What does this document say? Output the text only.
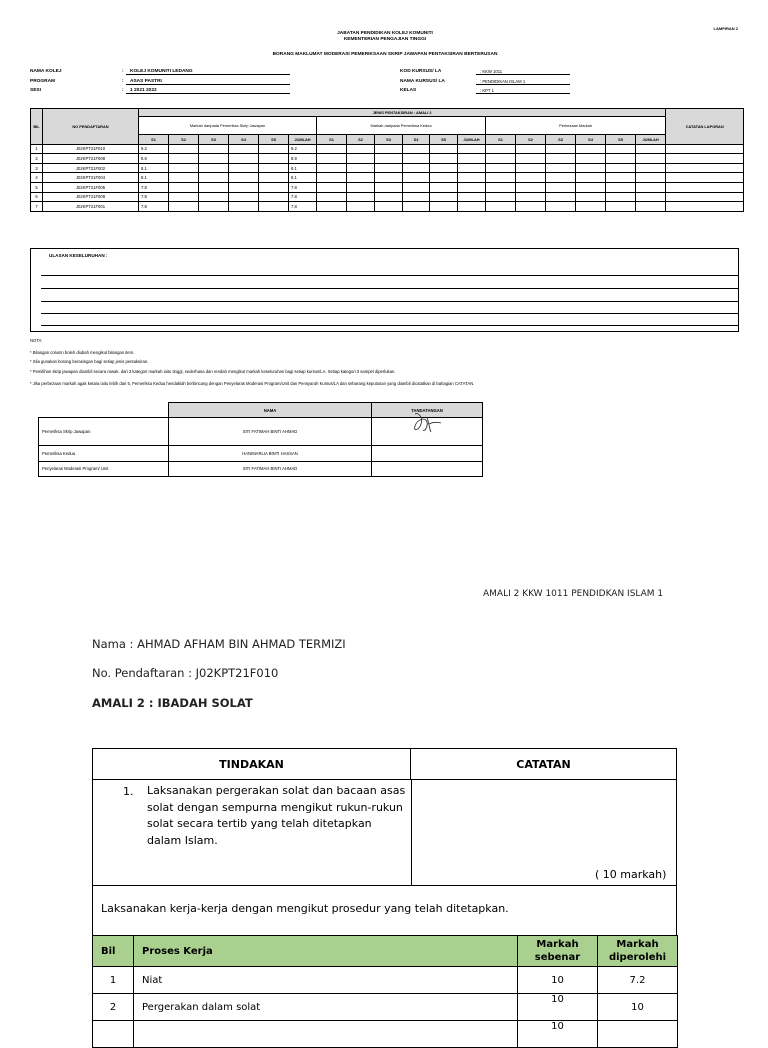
LAMPIRAN 2
JABATAN PENDIDIKAN KOLEJ KOMUNITI
KEMENTERIAN PENGAJIAN TINGGI
BORANG MAKLUMAT MODERASI PEMERIKSAAN SKRIP JAWAPAN PENTAKSIRAN BERTERUSAN
NAMA KOLEJ	:	KOLEJ KOMUNITI LEDANG
PROGRAM	:	ASAS PASTRI
SESI	:	1 2021 2022
KOD KURSUS/ LA	: KKW 1011
NAMA KURSUS/ LA	: PENDIDIKAN ISLAM 1
KELAS	: KPT 1
BIL	NO PENDAFTARAN	JENIS PENTAKSIRAN : AMALI 2																		CATATAN LAPORAN
		Markah daripada Pemeriksa Skrip Jawapan						Markah daripada Pemeriksa Kedua						Perbezaan Markah						
		S1	S2	S3	S4	S5	JUMLAH	S1	S2	S3	S4	S5	JUMLAH	S1	S2	S3	S4	S5	JUMLAH	
1	J02KPT21F010	9.2					9.2													
2	J02KPT21F008	8.9					8.9													
3	J02KPT21F002	8.1					8.1													
4	J02KPT21F004	8.1					8.1													
5	J02KPT21F005	7.8					7.8													
6	J02KPT21F009	7.8					7.8													
7	J02KPT21F001	7.8					7.8													
ULASAN KESELURUHAN :
NOTA:
* Bilangan column boleh diubah mengikut bilangan item.
* Sila gunakan borang berasingan bagi setiap jenis pentaksiran.
* Pemilihan skrip jawapan diambil secara rawak. dari 3 kategori markah iaitu tinggi, sederhana dan rendah mengikut markah keseluruhan bagi setiap kursus/LA. Setiap kategori 3 sampel diperlukan.
* Jika perbezaan markah agak ketara iaitu lebih dari 5, Pemeriksa Kedua hendaklah berbincang dengan Penyelaras Moderasi Program/Unit dan Pensyarah Kursus/LA dan sebarang keputusan yang diambil dicatatkan di bahagian CATATAN.
	NAMA	TANDATANGAN
Pemeriksa Skrip Jawapan	SITI FATIMAH BINTI AHMAD	
Pemeriksa Kedua	HANIMARLIA BINTI HASSAN	
Penyelaras Moderasi Program/ Unit	SITI FATIMAH BINTI AHMAD	
AMALI 2 KKW 1011 PENDIDKAN ISLAM 1
Nama : AHMAD AFHAM BIN AHMAD TERMIZI
No. Pendaftaran : J02KPT21F010
AMALI 2 : IBADAH SOLAT
TINDAKAN	CATATAN
1. Laksanakan pergerakan solat dan bacaan asas solat dengan sempurna mengikut rukun-rukun solat secara tertib yang telah ditetapkan dalam Islam.
( 10 markah)
Laksanakan kerja-kerja dengan mengikut prosedur yang telah ditetapkan.
Bil	Proses Kerja	Markah sebenar	Markah diperolehi
1	Niat	10	7.2
2	Pergerakan dalam solat	10	10
		10	
